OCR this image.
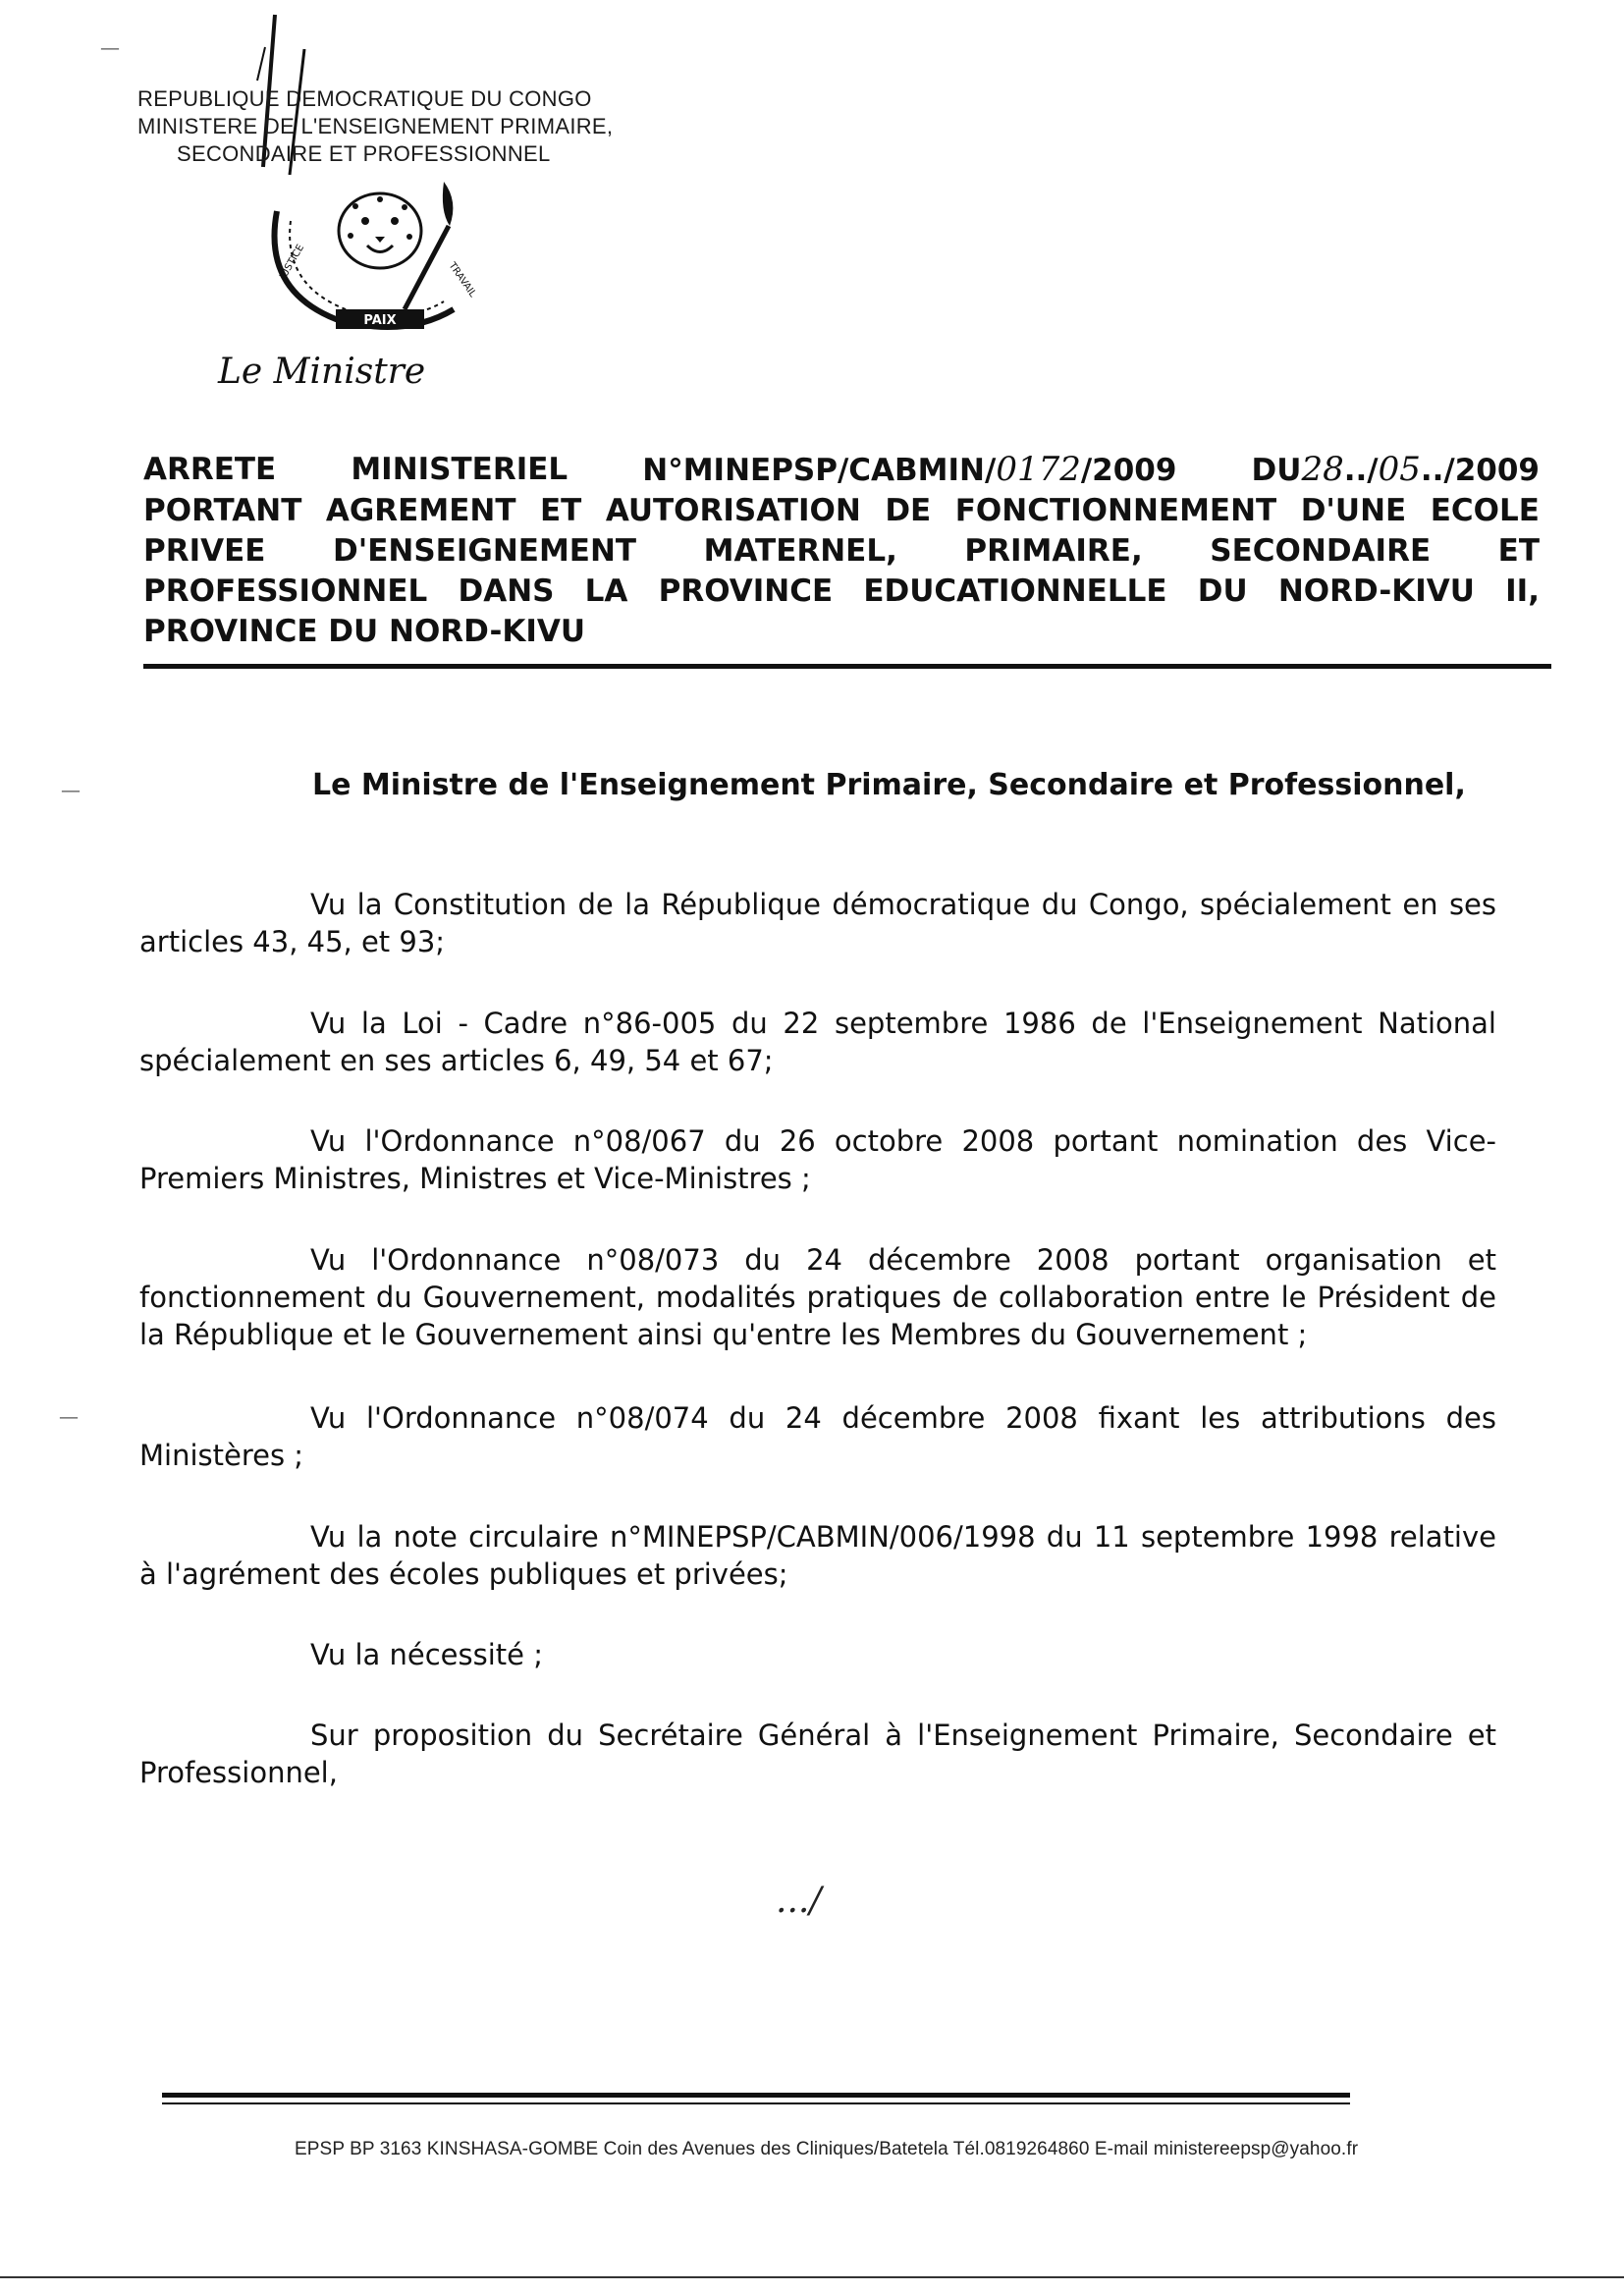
REPUBLIQUE DEMOCRATIQUE DU CONGO
MINISTERE DE L'ENSEIGNEMENT PRIMAIRE,
SECONDAIRE ET PROFESSIONNEL
PAIX
JUSTICE	TRAVAIL
Le Ministre
ARRETE MINISTERIEL N°MINEPSP/CABMIN/0172/2009 DU28../05../2009
PORTANT AGREMENT ET AUTORISATION DE FONCTIONNEMENT D'UNE ECOLE
PRIVEE D'ENSEIGNEMENT MATERNEL, PRIMAIRE, SECONDAIRE ET
PROFESSIONNEL DANS LA PROVINCE EDUCATIONNELLE DU NORD-KIVU II,
PROVINCE DU NORD-KIVU
Le Ministre de l'Enseignement Primaire, Secondaire et Professionnel,
—
—
—
Vu la Constitution de la République démocratique du Congo, spécialement en ses articles 43, 45, et 93;
Vu la Loi - Cadre n°86-005 du 22 septembre 1986 de l'Enseignement National spécialement en ses articles 6, 49, 54 et 67;
Vu l'Ordonnance n°08/067 du 26 octobre 2008 portant nomination des Vice-Premiers Ministres, Ministres et Vice-Ministres ;
Vu l'Ordonnance n°08/073 du 24 décembre 2008 portant organisation et fonctionnement du Gouvernement, modalités pratiques de collaboration entre le Président de la République et le Gouvernement ainsi qu'entre les Membres du Gouvernement ;
Vu l'Ordonnance n°08/074 du 24 décembre 2008 fixant les attributions des Ministères ;
Vu la note circulaire n°MINEPSP/CABMIN/006/1998 du 11 septembre 1998 relative à l'agrément des écoles publiques et privées;
Vu la nécessité ;
Sur proposition du Secrétaire Général à l'Enseignement Primaire, Secondaire et Professionnel,
.../
EPSP BP 3163 KINSHASA-GOMBE Coin des Avenues des Cliniques/Batetela Tél.0819264860 E-mail ministereepsp@yahoo.fr
